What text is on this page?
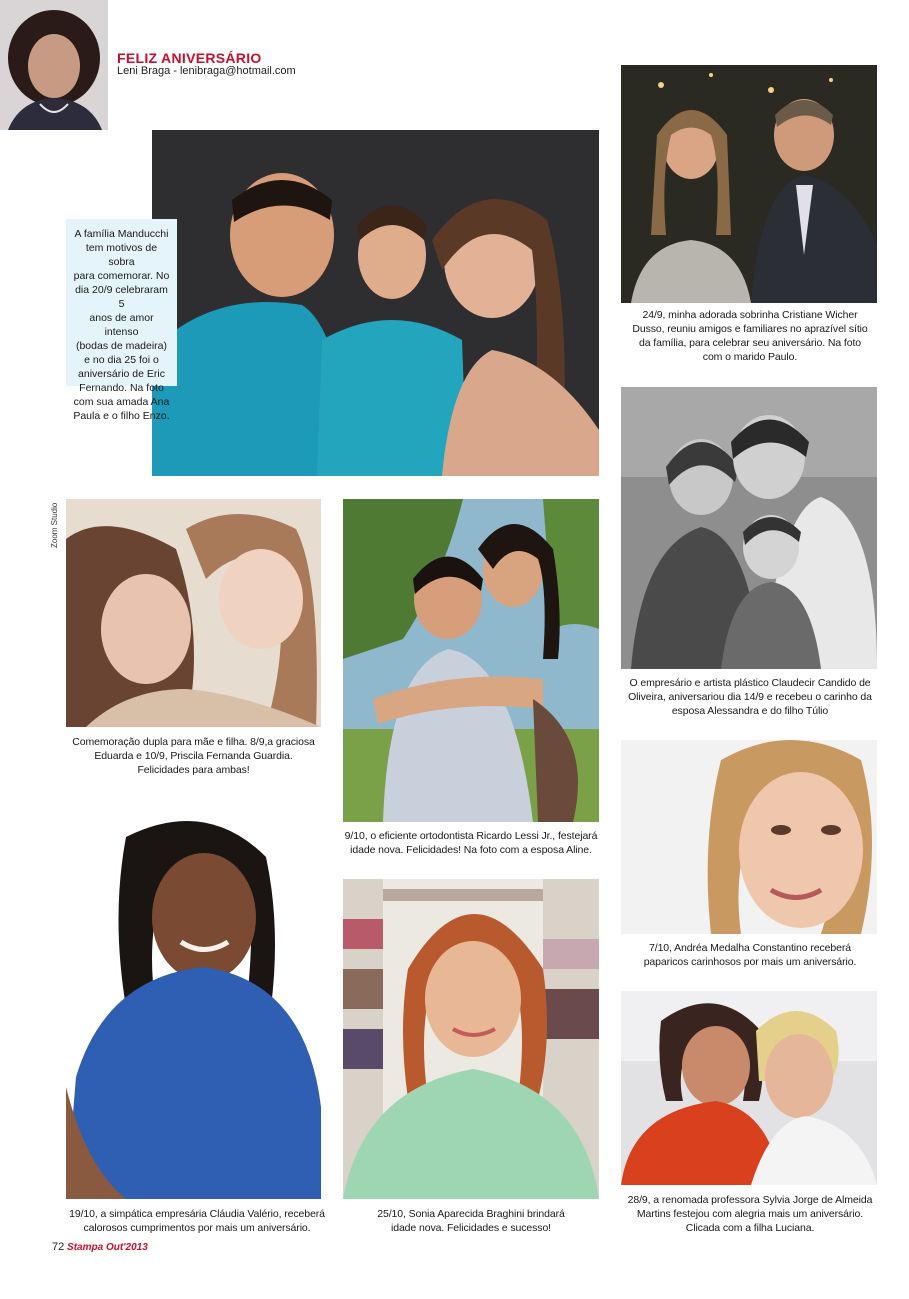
FELIZ ANIVERSÁRIO
Leni Braga - lenibraga@hotmail.com
A família Manducchi
tem motivos de sobra
para comemorar. No
dia 20/9 celebraram 5
anos de amor intenso
(bodas de madeira)
e no dia 25 foi o
aniversário de Eric
Fernando. Na foto
com sua amada Ana
Paula e o filho Enzo.
24/9, minha adorada sobrinha Cristiane Wicher
Dusso, reuniu amigos e familiares no aprazível sítio
da família, para celebrar seu aniversário. Na foto
com o marido Paulo.
O empresário e artista plástico Claudecir Candido de
Oliveira, aniversariou dia 14/9 e recebeu o carinho da
esposa Alessandra e do filho Túlio
Zoom Studio
Comemoração dupla para mãe e filha. 8/9,a graciosa
Eduarda e 10/9, Priscila Fernanda Guardia.
Felicidades para ambas!
9/10, o eficiente ortodontista Ricardo Lessi Jr., festejará
idade nova. Felicidades! Na foto com a esposa Aline.
7/10, Andréa Medalha Constantino receberá
paparicos carinhosos por mais um aniversário.
19/10, a simpática empresária Cláudia Valério, receberá
calorosos cumprimentos por mais um aniversário.
25/10, Sonia Aparecida Braghini brindará
idade nova. Felicidades e sucesso!
28/9, a renomada professora Sylvia Jorge de Almeida
Martins festejou com alegria mais um aniversário.
Clicada com a filha Luciana.
72 Stampa Out'2013
